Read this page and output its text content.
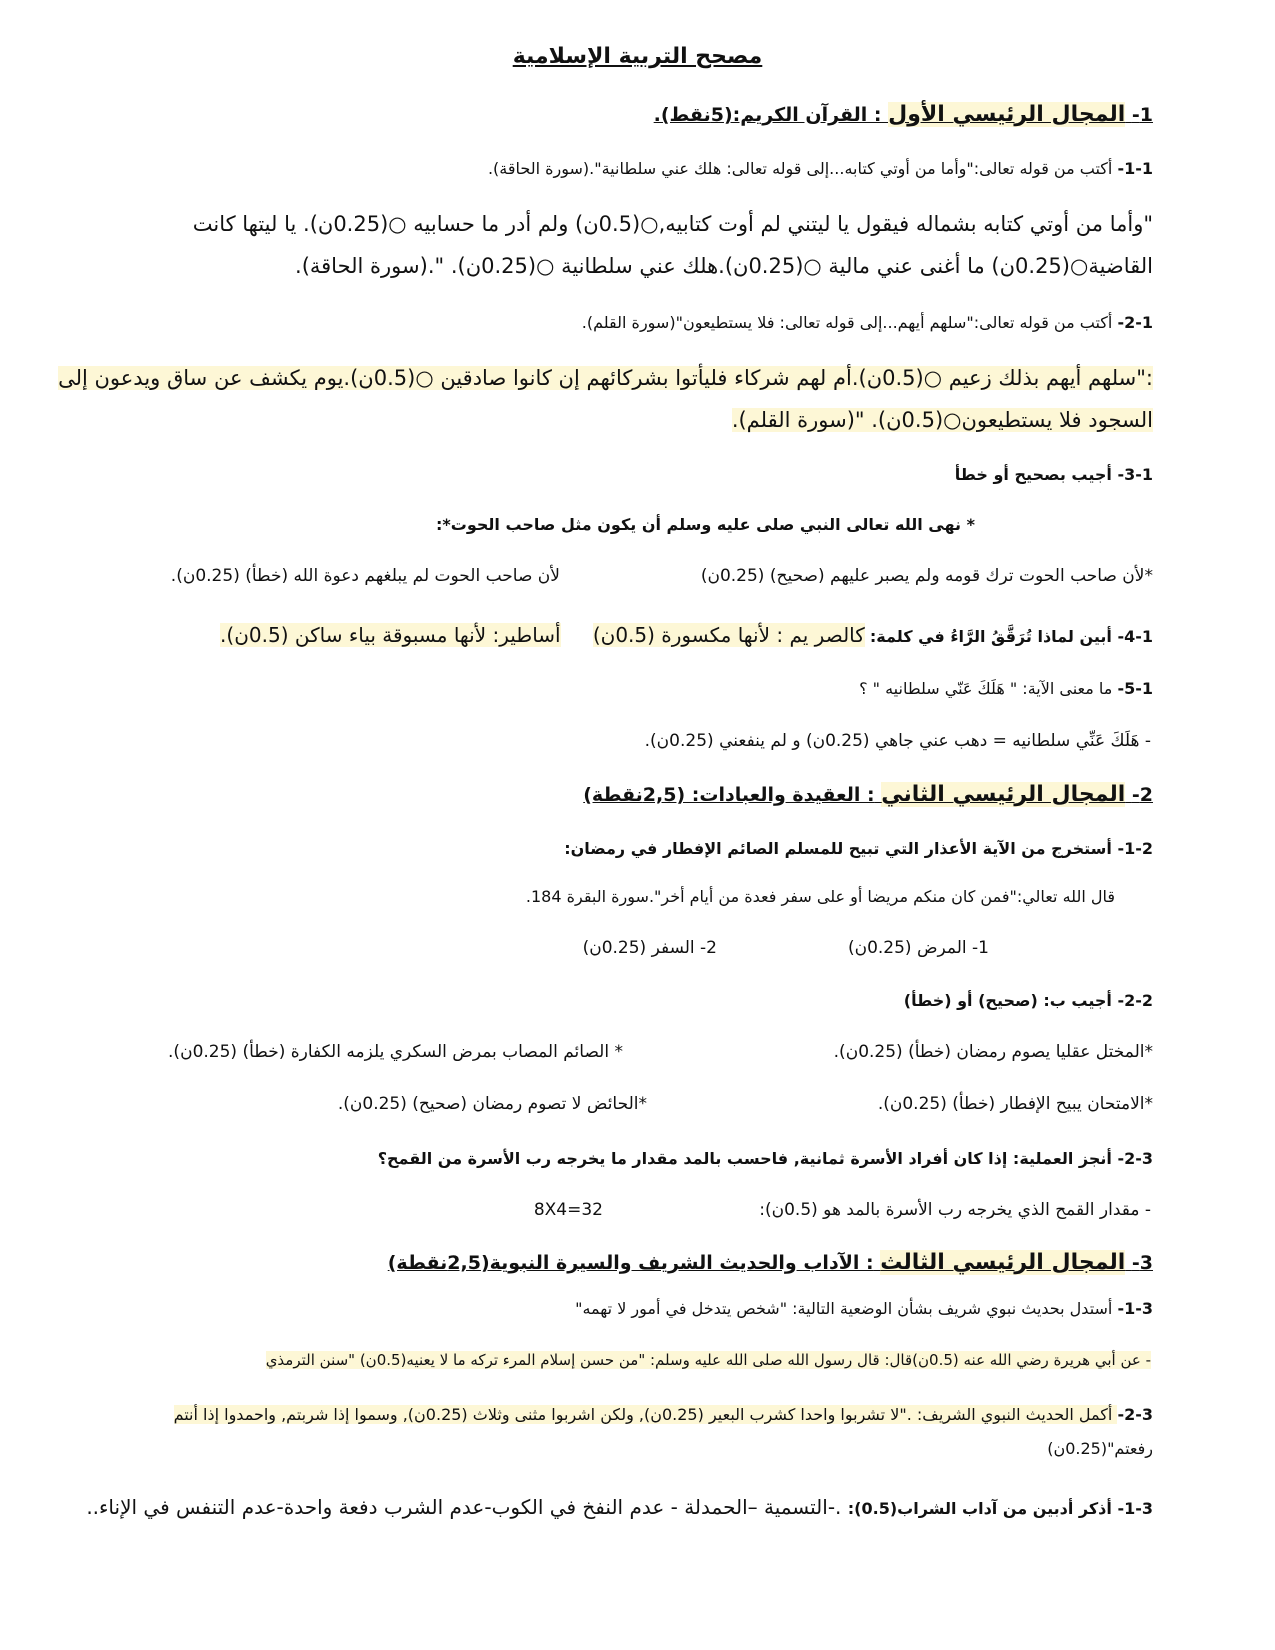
مصحح التربية الإسلامية
1- المجال الرئيسي الأول : القرآن الكريم:(5نقط).
1-1- أكتب من قوله تعالى:"وأما من أوتي كتابه...إلى قوله تعالى: هلك عني سلطانية".(سورة الحاقة).
"وأما من أوتي كتابه بشماله فيقول يا ليتني لم أوت كتابيه,○(0.5ن) ولم أدر ما حسابيه ○(0.25ن). يا ليتها كانت
القاضية○(0.25ن) ما أغنى عني مالية ○(0.25ن).هلك عني سلطانية ○(0.25ن). ".(سورة الحاقة).
2-1- أكتب من قوله تعالى:"سلهم أيهم...إلى قوله تعالى: فلا يستطيعون"(سورة القلم).
:"سلهم أيهم بذلك زعيم ○(0.5ن).أم لهم شركاء فليأتوا بشركائهم إن كانوا صادقين ○(0.5ن).يوم يكشف عن ساق ويدعون إلى
السجود فلا يستطيعون○(0.5ن). "(سورة القلم).
3-1- أجيب بصحيح أو خطأ
* نهى الله تعالى النبي صلى عليه وسلم أن يكون مثل صاحب الحوت*:
*لأن صاحب الحوت ترك قومه ولم يصبر عليهم (صحيح) (0.25ن)
لأن صاحب الحوت لم يبلغهم دعوة الله (خطأ) (0.25ن).
4-1- أبين لماذا تُرَقَّقُ الرَّاءُ في كلمة: كالصر يم : لأنها مكسورة (0.5ن)  أساطير: لأنها مسبوقة بياء ساكن (0.5ن).
5-1- ما معنى الآية: " هَلَكَ عَنّي سلطانيه " ؟
- هَلَكَ عَنِّي سلطانيه = دهب عني جاهي (0.25ن) و لم ينفعني (0.25ن).
2- المجال الرئيسي الثاني : العقيدة والعبادات: (2,5نقطة)
1-2- أستخرج من الآية الأعذار التي تبيح للمسلم الصائم الإفطار في رمضان:
قال الله تعالي:"فمن كان منكم مريضا أو على سفر فعدة من أيام أخر".سورة البقرة 184.
1- المرض (0.25ن)
2- السفر (0.25ن)
2-2- أجيب ب: (صحيح) أو (خطأ)
*المختل عقليا يصوم رمضان (خطأ) (0.25ن).
* الصائم المصاب بمرض السكري يلزمه الكفارة (خطأ) (0.25ن).
*الامتحان يبيح الإفطار (خطأ) (0.25ن).
*الحائض لا تصوم رمضان (صحيح) (0.25ن).
2-3- أنجز العملية: إذا كان أفراد الأسرة ثمانية, فاحسب بالمد مقدار ما يخرجه رب الأسرة من القمح؟
- مقدار القمح الذي يخرجه رب الأسرة بالمد هو (0.5ن):
8X4=32
3- المجال الرئيسي الثالث : الآداب والحديث الشريف والسيرة النبوية(2,5نقطة)
1-3- أستدل بحديث نبوي شريف بشأن الوضعية التالية: "شخص يتدخل في أمور لا تهمه"
- عن أبي هريرة رضي الله عنه (0.5ن)قال: قال رسول الله صلى الله عليه وسلم: "من حسن إسلام المرء تركه ما لا يعنيه(0.5ن) "سنن الترمذي
2-3- أكمل الحديث النبوي الشريف: ."لا تشربوا واحدا كشرب البعير (0.25ن), ولكن اشربوا مثنى وثلاث (0.25ن), وسموا إذا شربتم, واحمدوا إذا أنتم
رفعتم"(0.25ن)
1-3- أذكر أدبين من آداب الشراب(0.5): .-التسمية –الحمدلة - عدم النفخ في الكوب-عدم الشرب دفعة واحدة-عدم التنفس في الإناء..
